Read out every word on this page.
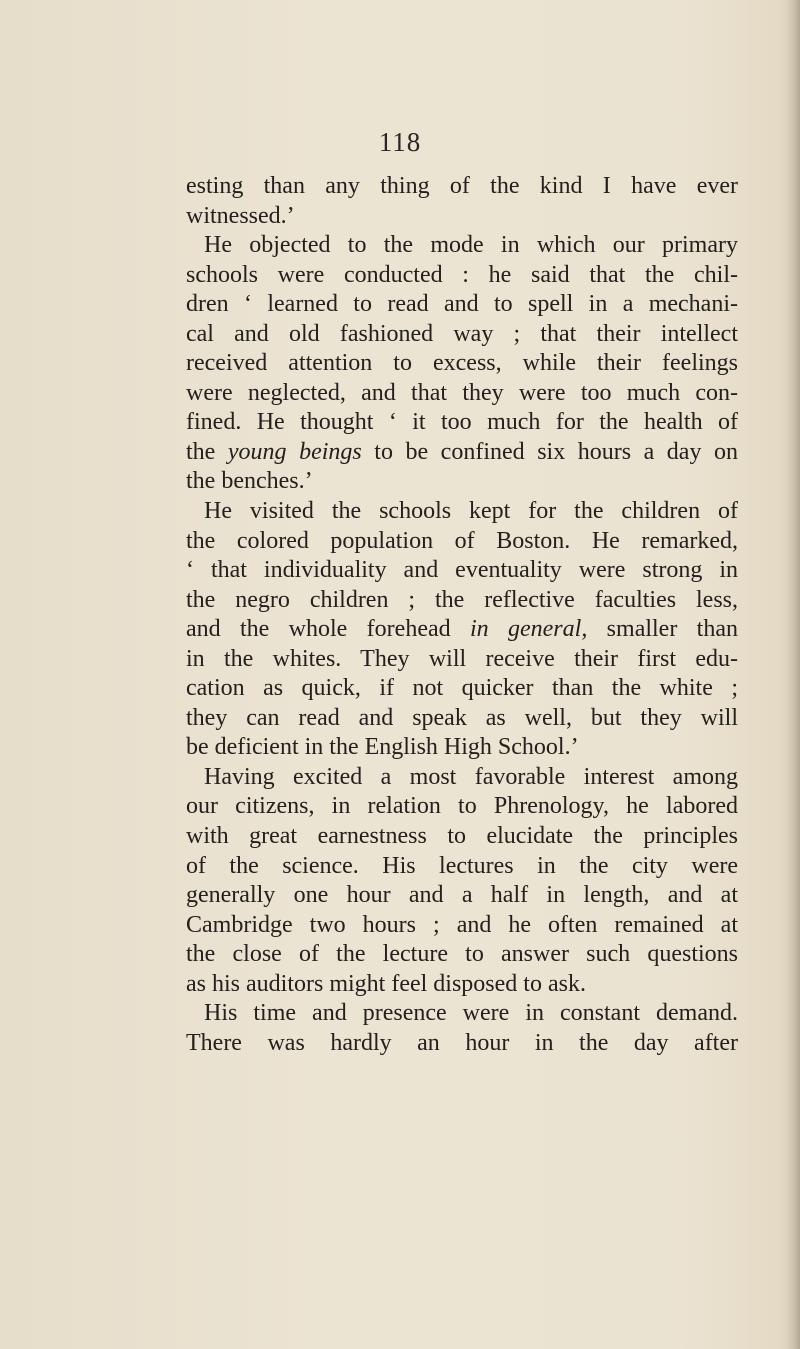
118

esting than any thing of the kind I have ever
witnessed.’
He objected to the mode in which our primary
schools were conducted : he said that the chil-
dren ‘ learned to read and to spell in a mechani-
cal and old fashioned way ; that their intellect
received attention to excess, while their feelings
were neglected, and that they were too much con-
fined. He thought ‘ it too much for the health of
the young beings to be confined six hours a day on
the benches.’
He visited the schools kept for the children of
the colored population of Boston. He remarked,
‘ that individuality and eventuality were strong in
the negro children ; the reflective faculties less,
and the whole forehead in general, smaller than
in the whites. They will receive their first edu-
cation as quick, if not quicker than the white ;
they can read and speak as well, but they will
be deficient in the English High School.’
Having excited a most favorable interest among
our citizens, in relation to Phrenology, he labored
with great earnestness to elucidate the principles
of the science. His lectures in the city were
generally one hour and a half in length, and at
Cambridge two hours ; and he often remained at
the close of the lecture to answer such questions
as his auditors might feel disposed to ask.
His time and presence were in constant demand.
There was hardly an hour in the day after
